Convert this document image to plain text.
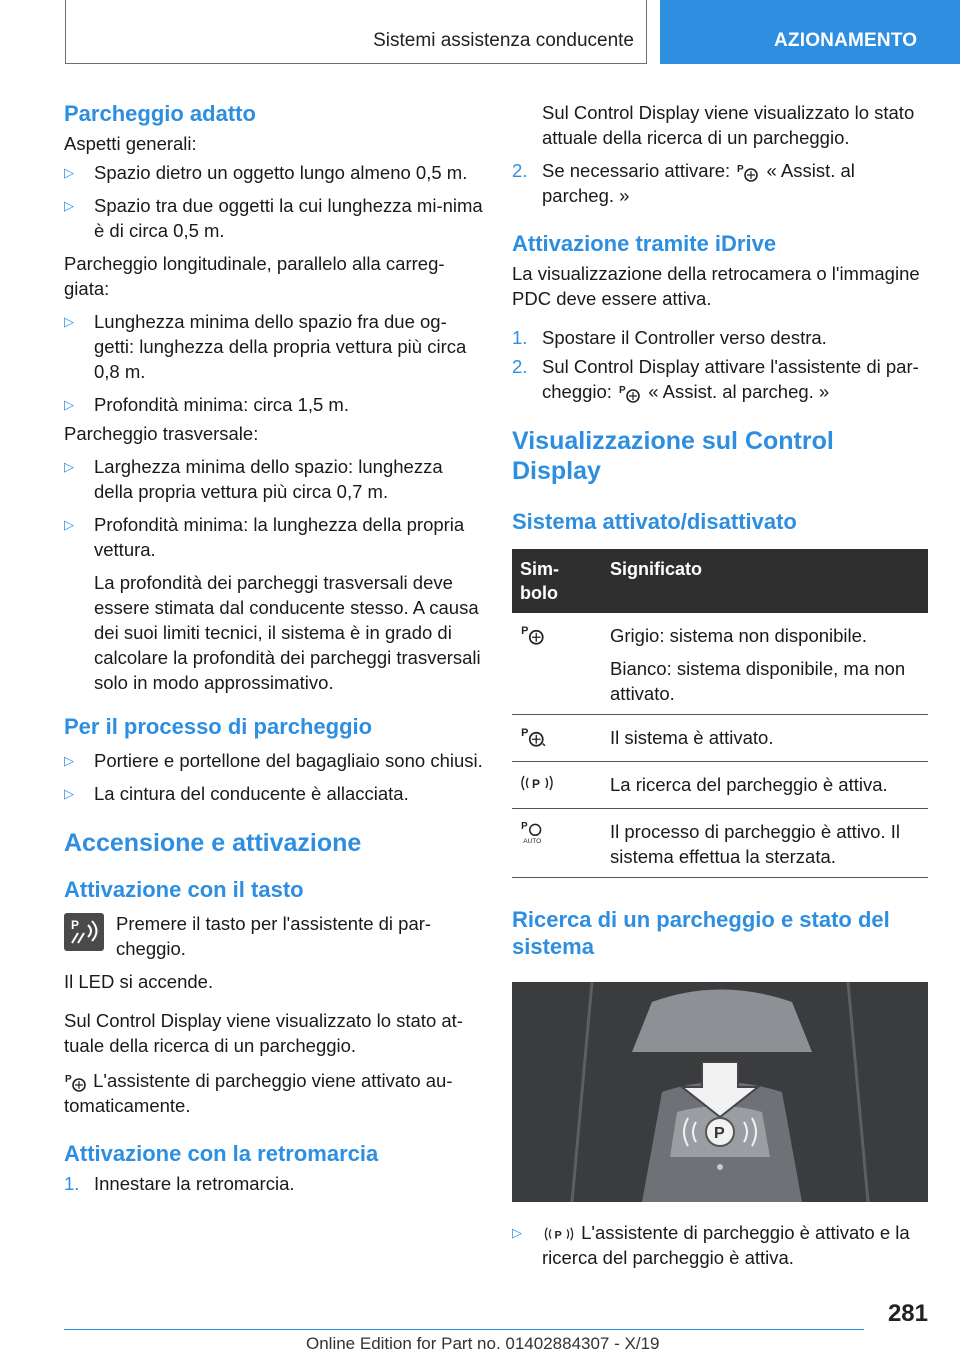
Sistemi assistenza conducente	AZIONAMENTO
Parcheggio adatto

Aspetti generali:

▷ Spazio dietro un oggetto lungo almeno 0,5 m.

▷ Spazio tra due oggetti la cui lunghezza mi‐nima è di circa 0,5 m.

Parcheggio longitudinale, parallelo alla carreg‐giata:

▷ Lunghezza minima dello spazio fra due og‐getti: lunghezza della propria vettura più circa 0,8 m.

▷ Profondità minima: circa 1,5 m.

Parcheggio trasversale:

▷ Larghezza minima dello spazio: lunghezza della propria vettura più circa 0,7 m.

▷ Profondità minima: la lunghezza della propria vettura.

La profondità dei parcheggi trasversali deve essere stimata dal conducente stesso. A causa dei suoi limiti tecnici, il sistema è in grado di calcolare la profondità dei parcheggi trasversali solo in modo approssimativo.

Per il processo di parcheggio
▷ Portiere e portellone del bagagliaio sono chiusi.

▷ La cintura del conducente è allacciata.

Accensione e attivazione
Attivazione con il tasto
P Premere il tasto per l'assistente di par‐cheggio.

Il LED si accende.

Sul Control Display viene visualizzato lo stato at‐tuale della ricerca di un parcheggio.

P L'assistente di parcheggio viene attivato au‐tomaticamente.

Attivazione con la retromarcia
1. Innestare la retromarcia.

Sul Control Display viene visualizzato lo stato attuale della ricerca di un parcheggio.

2. Se necessario attivare: P « Assist. al parcheg. »

Attivazione tramite iDrive

La visualizzazione della retrocamera o l'immagine PDC deve essere attiva.

1. Spostare il Controller verso destra.

2. Sul Control Display attivare l'assistente di par‐cheggio: P « Assist. al parcheg. »

Visualizzazione sul Control Display
Sistema attivato/disattivato
Sim‐bolo	Significato

P	Grigio: sistema non disponibile.

Bianco: sistema disponibile, ma non attivato.

P	Il sistema è attivato.

P	La ricerca del parcheggio è attiva.

P
AUTO	Il processo di parcheggio è attivo. Il sistema effettua la sterzata.

Ricerca di un parcheggio e stato del sistema
P
▷	P L'assistente di parcheggio è attivato e la ricerca del parcheggio è attiva.

281
Online Edition for Part no. 01402884307 - X/19
